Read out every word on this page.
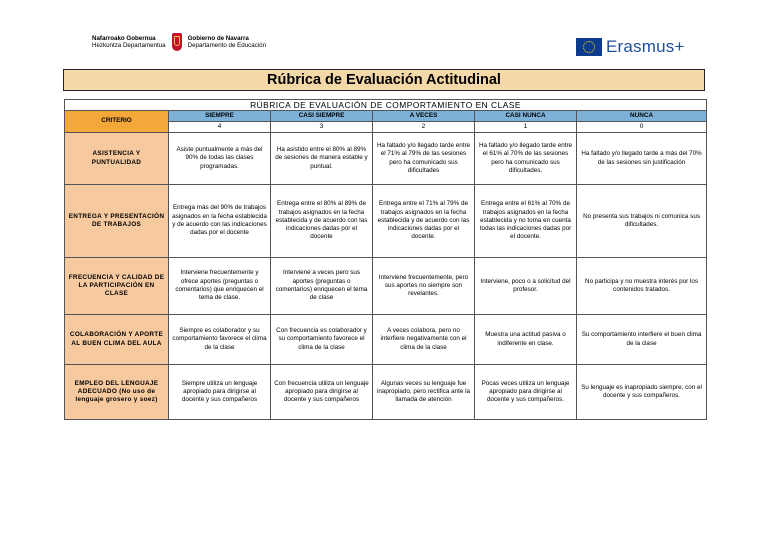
Nafarroako Gobernua
Hezkuntza Departamentua
Gobierno de Navarra
Departamento de Educación	Erasmus+
Rúbrica de Evaluación Actitudinal
RÚBRICA DE EVALUACIÓN DE COMPORTAMIENTO EN CLASE					
CRITERIO	SIEMPRE	CASI SIEMPRE	A VECES	CASI NUNCA	NUNCA
	4	3	2	1	0
ASISTENCIA Y PUNTUALIDAD	Asiste puntualmente a más del 90% de todas las clases programadas.	Ha asistido entre el 80% al 89% de sesiones de manera estable y puntual.	Ha faltado y/o llegado tarde entre el 71% al 79% de las sesiones pero ha comunicado sus dificultades	Ha faltado y/o llegado tarde entre el 61% al 70% de las sesiones pero ha comunicado sus dificultades.	Ha faltado y/o llegado tarde a más del 70% de las sesiones sin justificación
ENTREGA Y PRESENTACIÓN DE TRABAJOS	Entrega más del 90% de trabajos asignados en la fecha establecida y de acuerdo con las indicaciones dadas por el docente	Entrega entre el 80% al 89% de trabajos asignados en la fecha establecida y de acuerdo con las indicaciones dadas por el docente	Entrega entre el 71% al 79% de trabajos asignados en la fecha establecida y de acuerdo con las indicaciones dadas por el docente.	Entrega entre el 61% al 70% de trabajos asignados en la fecha establecida y no toma en cuenta todas las indicaciones dadas por el docente.	No presenta sus trabajos ni comunica sus dificultades.
FRECUENCIA Y CALIDAD DE LA PARTICIPACIÓN EN CLASE	Interviene frecuentemente y ofrece aportes (preguntas o comentarios) que enriquecen el tema de clase.	Interviene a veces pero sus aportes (preguntas o comentarios) enriquecen el tema de clase	Interviene frecuentemente, pero sus aportes no siempre son revelantes.	Interviene, poco o a solicitud del profesor.	No participa y no muestra interés por los contenidos tratados.
COLABORACIÓN Y APORTE AL BUEN CLIMA DEL AULA	Siempre es colaborador y su comportamiento favorece el clima de la clase	Con frecuencia es colaborador y su comportamiento favorece el clima de la clase	A veces colabora, pero no interfiere negativamente con el clima de la clase	Muestra una actitud pasiva o indiferente en clase.	Su comportamiento interfiere el buen clima de la clase
EMPLEO DEL LENGUAJE ADECUADO (No uso de lenguaje grosero y soez)	Siempre utiliza un lenguaje apropiado para dirigirse al docente y sus compañeros	Con frecuencia utiliza un lenguaje apropiado para dirigirse al docente y sus compañeros	Algunas veces su lenguaje fue inapropiado, pero rectifica ante la llamada de atención	Pocas veces utiliza un lenguaje apropiado para dirigirse al docente y sus compañeros.	Su lenguaje es inapropiado siempre, con el docente y sus compañeros.
